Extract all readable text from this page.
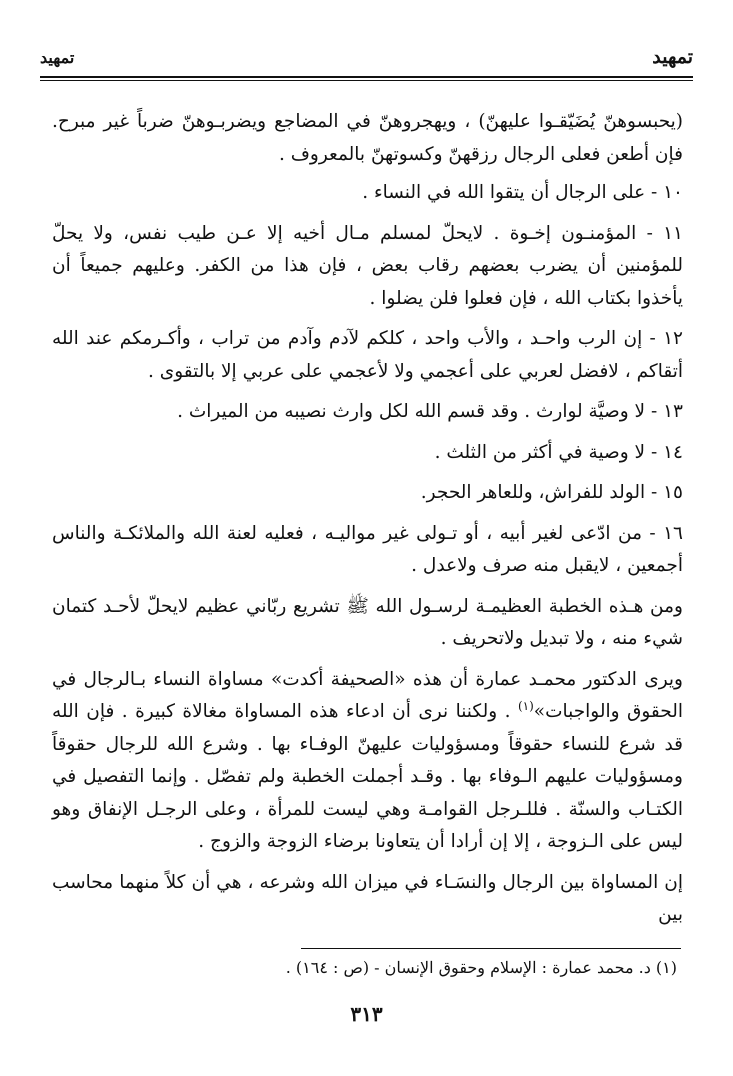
تمهيد
تمهيد

(يحبسوهنّ يُضَيّقـوا عليهنّ) ، ويهجروهنّ في المضاجع ويضربـوهنّ ضرباً غير مبرح. فإن أطعن فعلى الرجال رزقهنّ وكسوتهنّ بالمعروف .

١٠ - على الرجال أن يتقوا الله في النساء .

١١ - المؤمنـون إخـوة . لايحلّ لمسلم مـال أخيه إلا عـن طيب نفس، ولا يحلّ للمؤمنين أن يضرب بعضهم رقاب بعض ، فإن هذا من الكفر. وعليهم جميعاً أن يأخذوا بكتاب الله ، فإن فعلوا فلن يضلوا .

١٢ - إن الرب واحـد ، والأب واحد ، كلكم لآدم وآدم من تراب ، وأكـرمكم عند الله أتقاكم ، لافضل لعربي على أعجمي ولا لأعجمي على عربي إلا بالتقوى .

١٣ - لا وصيَّة لوارث . وقد قسم الله لكل وارث نصيبه من الميراث .

١٤ - لا وصية في أكثر من الثلث .

١٥ - الولد للفراش، وللعاهر الحجر.

١٦ - من ادّعى لغير أبيه ، أو تـولى غير مواليـه ، فعليه لعنة الله والملائكـة والناس أجمعين ، لايقبل منه صرف ولاعدل .

ومن هـذه الخطبة العظيمـة لرسـول الله ﷺ تشريع ربّاني عظيم لايحلّ لأحـد كتمان شيء منه ، ولا تبديل ولاتحريف .

ويرى الدكتور محمـد عمارة أن هذه «الصحيفة أكدت» مساواة النساء بـالرجال في الحقوق والواجبات»$^{(١)}$ . ولكننا نرى أن ادعاء هذه المساواة مغالاة كبيرة . فإن الله قد شرع للنساء حقوقاً ومسؤوليات عليهنّ الوفـاء بها . وشرع الله للرجال حقوقاً ومسؤوليات عليهم الـوفاء بها . وقـد أجملت الخطبة ولم تفصّل . وإنما التفصيل في الكتـاب والسنّة . فللـرجل القوامـة وهي ليست للمرأة ، وعلى الرجـل الإنفاق وهو ليس على الـزوجة ، إلا إن أرادا أن يتعاونا برضاء الزوجة والزوج .

إن المساواة بين الرجال والنسَـاء في ميزان الله وشرعه ، هي أن كلاً منهما محاسب بين

(١) د. محمد عمارة : الإسلام وحقوق الإنسان - (ص : ١٦٤) .
٣١٣
